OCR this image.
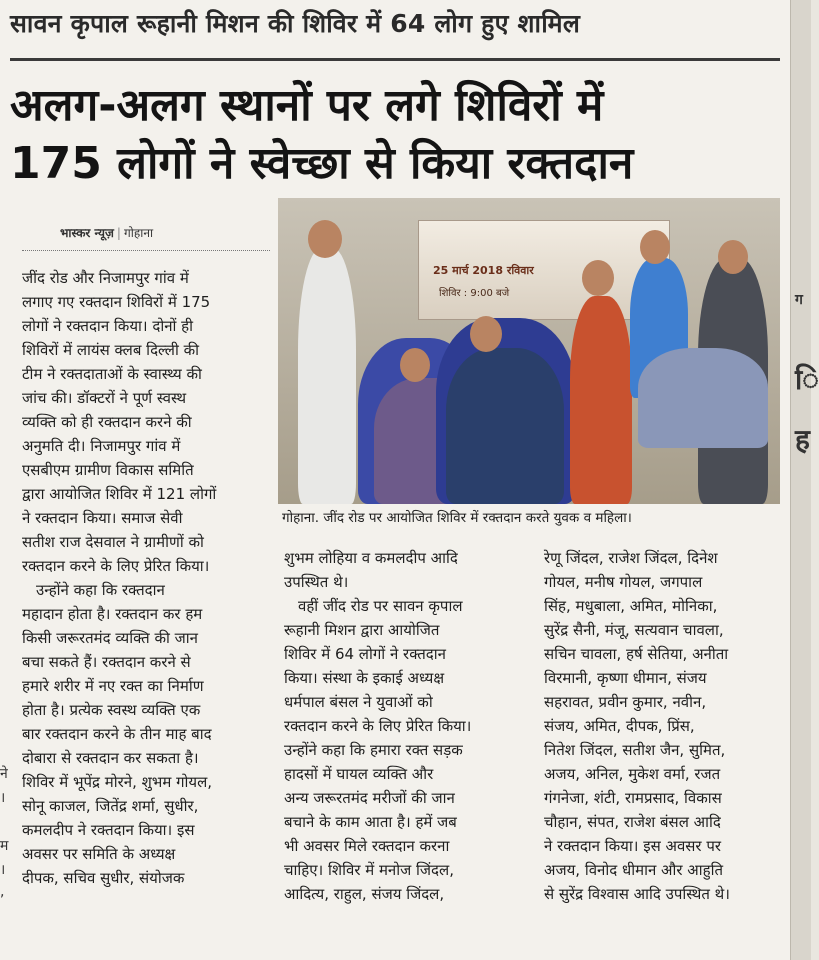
सावन कृपाल रूहानी मिशन की शिविर में 64 लोग हुए शामिल
अलग-अलग स्थानों पर लगे शिविरों में
175 लोगों ने स्वेच्छा से किया रक्तदान
भास्कर न्यूज़ | गोहाना
25 मार्च 2018 रविवार
शिविर : 9:00 बजे
गोहाना. जींद रोड पर आयोजित शिविर में रक्तदान करते युवक व महिला।
जींद रोड और निजामपुर गांव में
लगाए गए रक्तदान शिविरों में 175
लोगों ने रक्तदान किया। दोनों ही
शिविरों में लायंस क्लब दिल्ली की
टीम ने रक्तदाताओं के स्वास्थ्य की
जांच की। डॉक्टरों ने पूर्ण स्वस्थ
व्यक्ति को ही रक्तदान करने की
अनुमति दी। निजामपुर गांव में
एसबीएम ग्रामीण विकास समिति
द्वारा आयोजित शिविर में 121 लोगों
ने रक्तदान किया। समाज सेवी
सतीश राज देसवाल ने ग्रामीणों को
रक्तदान करने के लिए प्रेरित किया।
उन्होंने कहा कि रक्तदान
महादान होता है। रक्तदान कर हम
किसी जरूरतमंद व्यक्ति की जान
बचा सकते हैं। रक्तदान करने से
हमारे शरीर में नए रक्त का निर्माण
होता है। प्रत्येक स्वस्थ व्यक्ति एक
बार रक्तदान करने के तीन माह बाद
दोबारा से रक्तदान कर सकता है।
शिविर में भूपेंद्र मोरने, शुभम गोयल,
सोनू काजल, जितेंद्र शर्मा, सुधीर,
कमलदीप ने रक्तदान किया। इस
अवसर पर समिति के अध्यक्ष
दीपक, सचिव सुधीर, संयोजक
शुभम लोहिया व कमलदीप आदि
उपस्थित थे।
वहीं जींद रोड पर सावन कृपाल
रूहानी मिशन द्वारा आयोजित
शिविर में 64 लोगों ने रक्तदान
किया। संस्था के इकाई अध्यक्ष
धर्मपाल बंसल ने युवाओं को
रक्तदान करने के लिए प्रेरित किया।
उन्होंने कहा कि हमारा रक्त सड़क
हादसों में घायल व्यक्ति और
अन्य जरूरतमंद मरीजों की जान
बचाने के काम आता है। हमें जब
भी अवसर मिले रक्तदान करना
चाहिए। शिविर में मनोज जिंदल,
आदित्य, राहुल, संजय जिंदल,
रेणू जिंदल, राजेश जिंदल, दिनेश
गोयल, मनीष गोयल, जगपाल
सिंह, मधुबाला, अमित, मोनिका,
सुरेंद्र सैनी, मंजू, सत्यवान चावला,
सचिन चावला, हर्ष सेतिया, अनीता
विरमानी, कृष्णा धीमान, संजय
सहरावत, प्रवीन कुमार, नवीन,
संजय, अमित, दीपक, प्रिंस,
नितेश जिंदल, सतीश जैन, सुमित,
अजय, अनिल, मुकेश वर्मा, रजत
गंगनेजा, शंटी, रामप्रसाद, विकास
चौहान, संपत, राजेश बंसल आदि
ने रक्तदान किया। इस अवसर पर
अजय, विनोद धीमान और आहुति
से सुरेंद्र विश्वास आदि उपस्थित थे।
ने
।
म
।
,
ग
ि
ह
